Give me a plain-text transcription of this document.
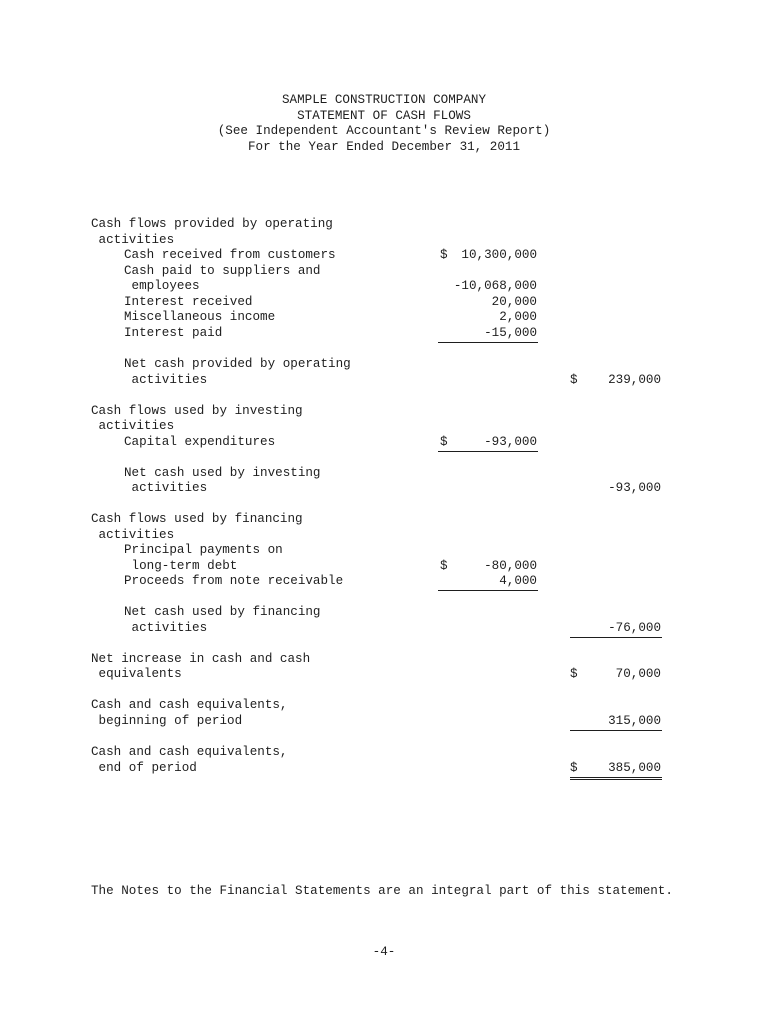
SAMPLE CONSTRUCTION COMPANY
STATEMENT OF CASH FLOWS
(See Independent Accountant's Review Report)
For the Year Ended December 31, 2011
Cash flows provided by operating
activities
Cash received from customers	$ 10,300,000
Cash paid to suppliers and
employees	-10,068,000
Interest received	20,000
Miscellaneous income	2,000
Interest paid	-15,000
Net cash provided by operating
activities	$ 239,000
Cash flows used by investing
activities
Capital expenditures	$	-93,000
Net cash used by investing
activities	-93,000
Cash flows used by financing
activities
Principal payments on
long-term debt	$	-80,000
Proceeds from note receivable	4,000
Net cash used by financing
activities	-76,000
Net increase in cash and cash
equivalents	$	70,000
Cash and cash equivalents,
beginning of period	315,000
Cash and cash equivalents,
end of period	$ 385,000
The Notes to the Financial Statements are an integral part of this statement.
-4-
